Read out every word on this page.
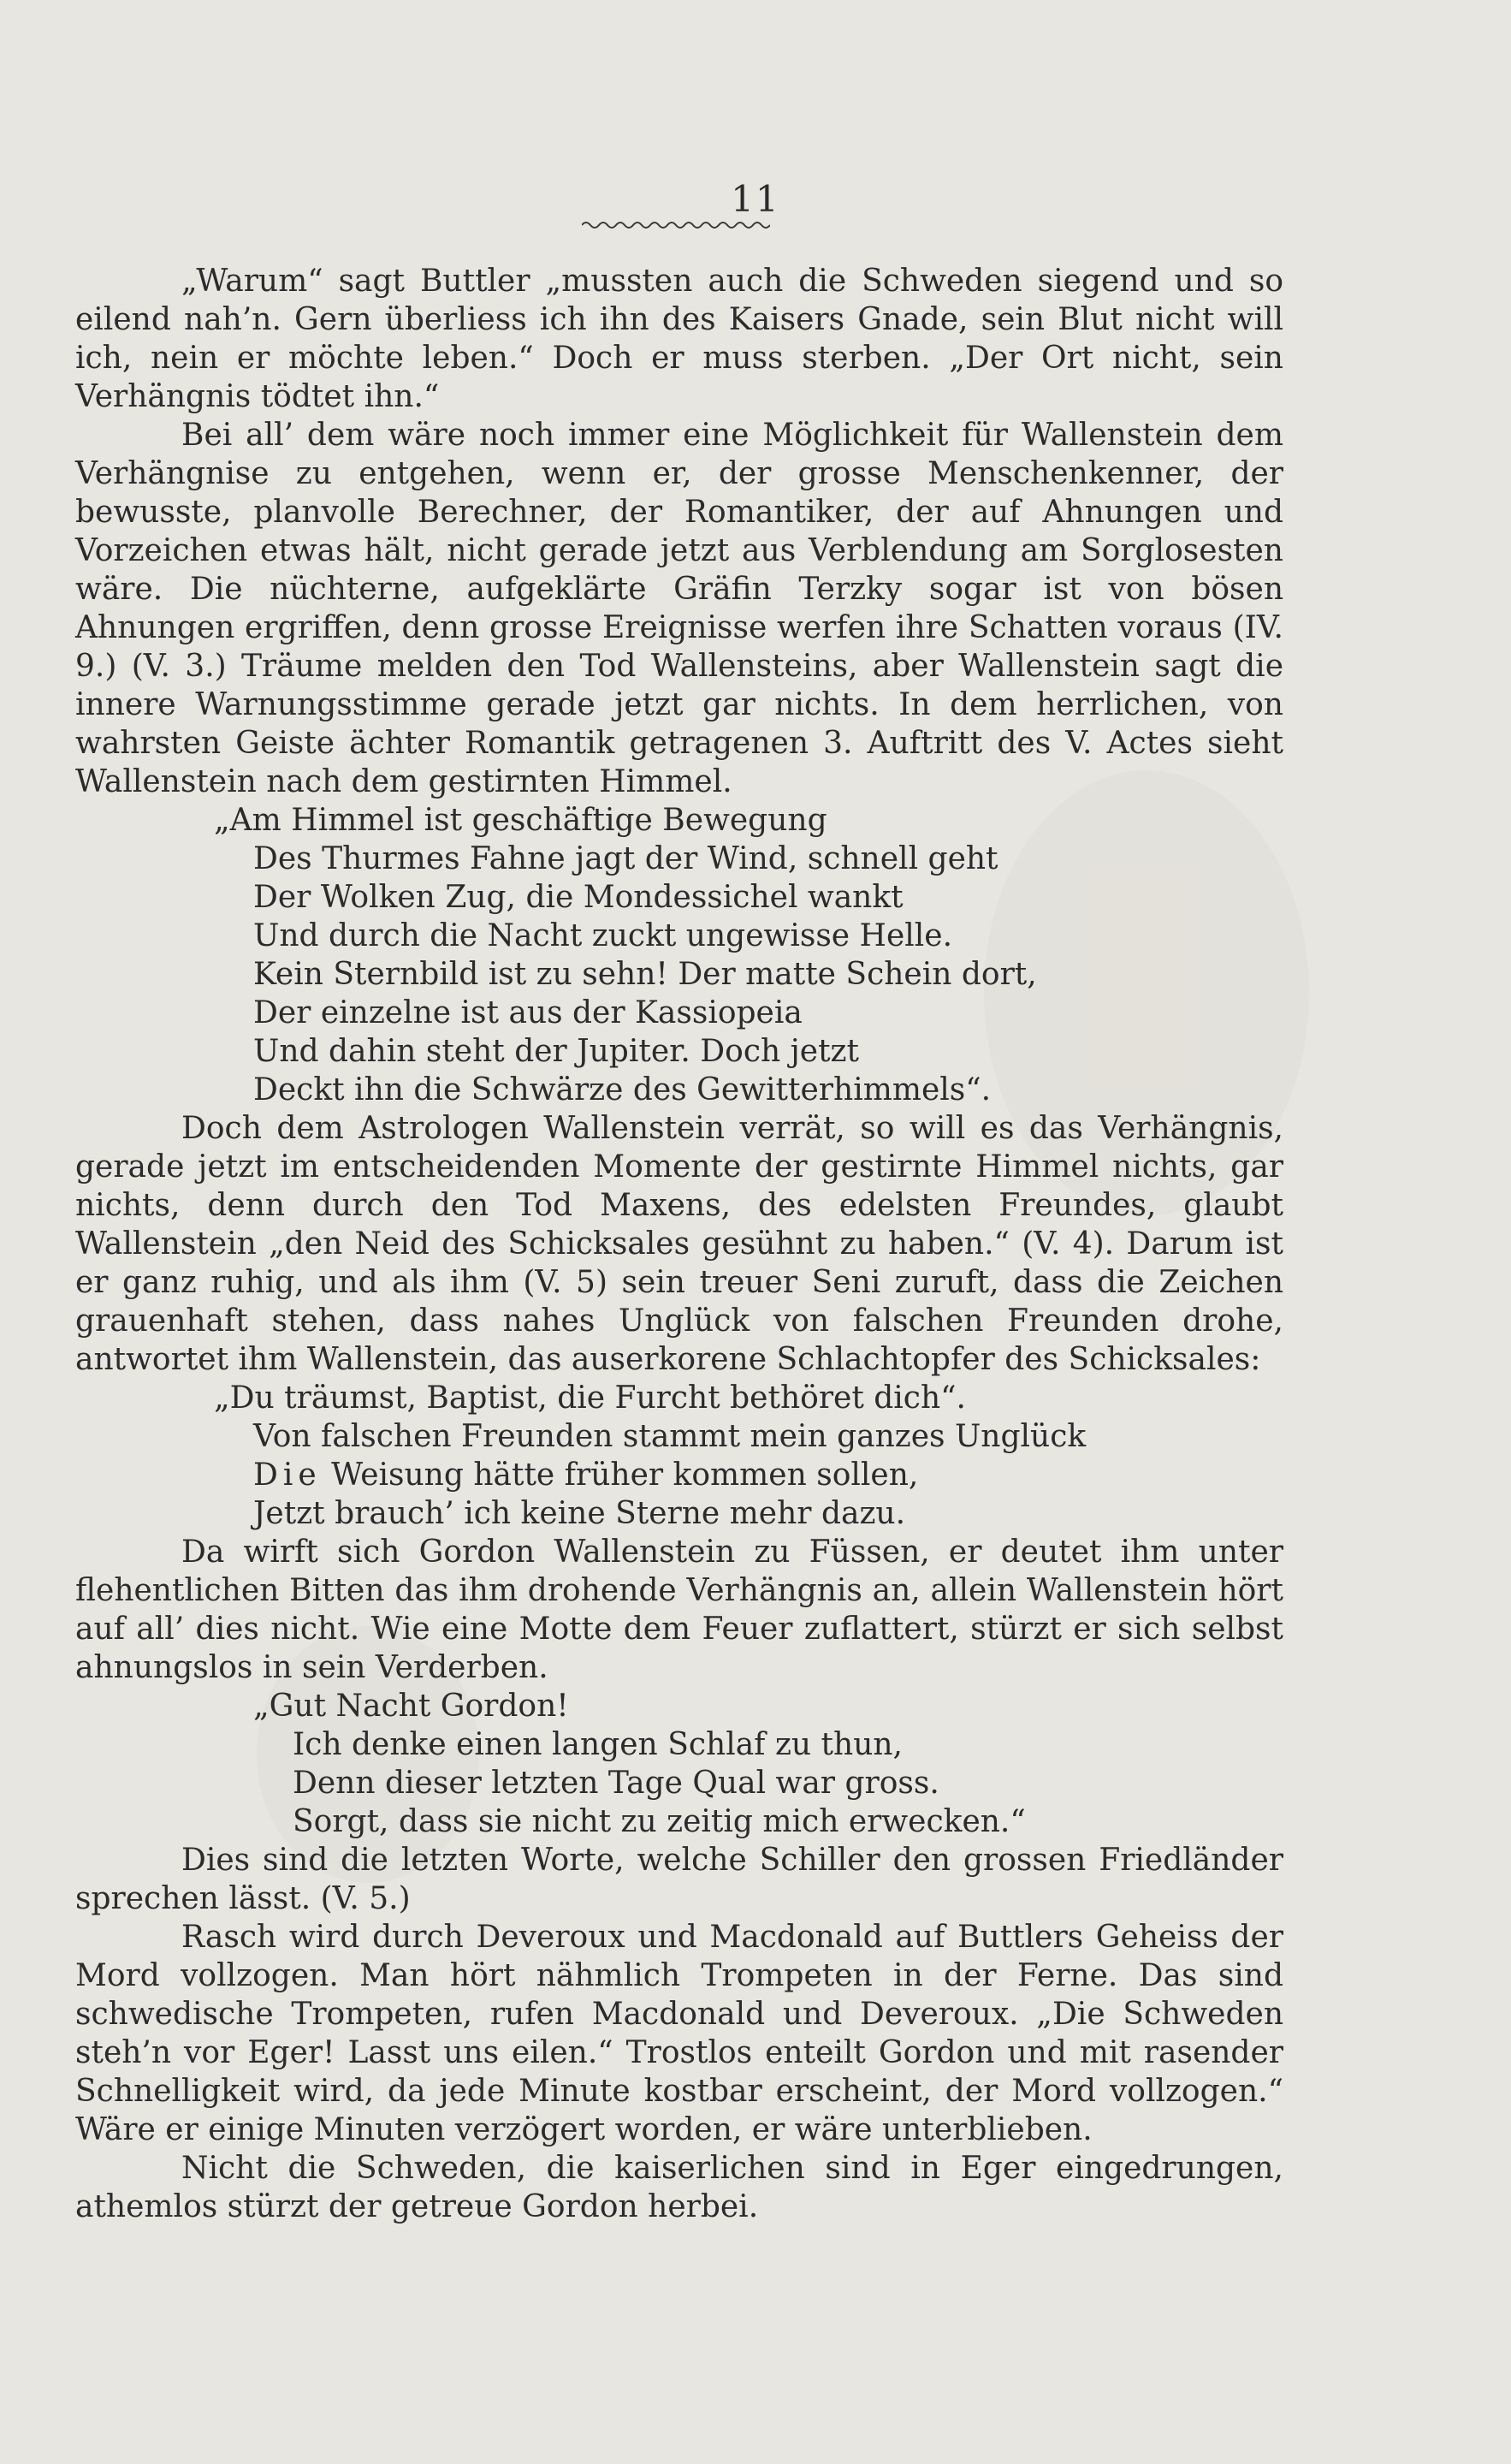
11

„Warum“ sagt Buttler „mussten auch die Schweden siegend und so eilend nah’n. Gern überliess ich ihn des Kaisers Gnade, sein Blut nicht will ich, nein er möchte leben.“ Doch er muss sterben. „Der Ort nicht, sein Verhängnis tödtet ihn.“

Bei all’ dem wäre noch immer eine Möglichkeit für Wallenstein dem Verhängnise zu entgehen, wenn er, der grosse Menschenkenner, der bewusste, planvolle Berechner, der Romantiker, der auf Ahnungen und Vorzeichen etwas hält, nicht gerade jetzt aus Verblendung am Sorglosesten wäre. Die nüchterne, aufgeklärte Gräfin Terzky sogar ist von bösen Ahnungen ergriffen, denn grosse Ereignisse werfen ihre Schatten voraus (IV. 9.) (V. 3.) Träume melden den Tod Wallensteins, aber Wallenstein sagt die innere Warnungsstimme gerade jetzt gar nichts. In dem herrlichen, von wahrsten Geiste ächter Romantik getragenen 3. Auftritt des V. Actes sieht Wallenstein nach dem gestirnten Himmel.

„Am Himmel ist geschäftige Bewegung
Des Thurmes Fahne jagt der Wind, schnell geht
Der Wolken Zug, die Mondessichel wankt
Und durch die Nacht zuckt ungewisse Helle.
Kein Sternbild ist zu sehn! Der matte Schein dort,
Der einzelne ist aus der Kassiopeia
Und dahin steht der Jupiter. Doch jetzt
Deckt ihn die Schwärze des Gewitterhimmels“.

Doch dem Astrologen Wallenstein verrät, so will es das Verhängnis, gerade jetzt im entscheidenden Momente der gestirnte Himmel nichts, gar nichts, denn durch den Tod Maxens, des edelsten Freundes, glaubt Wallenstein „den Neid des Schicksales gesühnt zu haben.“ (V. 4). Darum ist er ganz ruhig, und als ihm (V. 5) sein treuer Seni zuruft, dass die Zeichen grauenhaft stehen, dass nahes Unglück von falschen Freunden drohe, antwortet ihm Wallenstein, das auserkorene Schlachtopfer des Schicksales:

„Du träumst, Baptist, die Furcht bethöret dich“.
Von falschen Freunden stammt mein ganzes Unglück
Die Weisung hätte früher kommen sollen,
Jetzt brauch’ ich keine Sterne mehr dazu.

Da wirft sich Gordon Wallenstein zu Füssen, er deutet ihm unter flehentlichen Bitten das ihm drohende Verhängnis an, allein Wallenstein hört auf all’ dies nicht. Wie eine Motte dem Feuer zuflattert, stürzt er sich selbst ahnungslos in sein Verderben.

„Gut Nacht Gordon!
Ich denke einen langen Schlaf zu thun,
Denn dieser letzten Tage Qual war gross.
Sorgt, dass sie nicht zu zeitig mich erwecken.“

Dies sind die letzten Worte, welche Schiller den grossen Friedländer sprechen lässt. (V. 5.)

Rasch wird durch Deveroux und Macdonald auf Buttlers Geheiss der Mord vollzogen. Man hört nähmlich Trompeten in der Ferne. Das sind schwedische Trompeten, rufen Macdonald und Deveroux. „Die Schweden steh’n vor Eger! Lasst uns eilen.“ Trostlos enteilt Gordon und mit rasender Schnelligkeit wird, da jede Minute kostbar erscheint, der Mord vollzogen.“ Wäre er einige Minuten verzögert worden, er wäre unterblieben.

Nicht die Schweden, die kaiserlichen sind in Eger eingedrungen, athemlos stürzt der getreue Gordon herbei.
